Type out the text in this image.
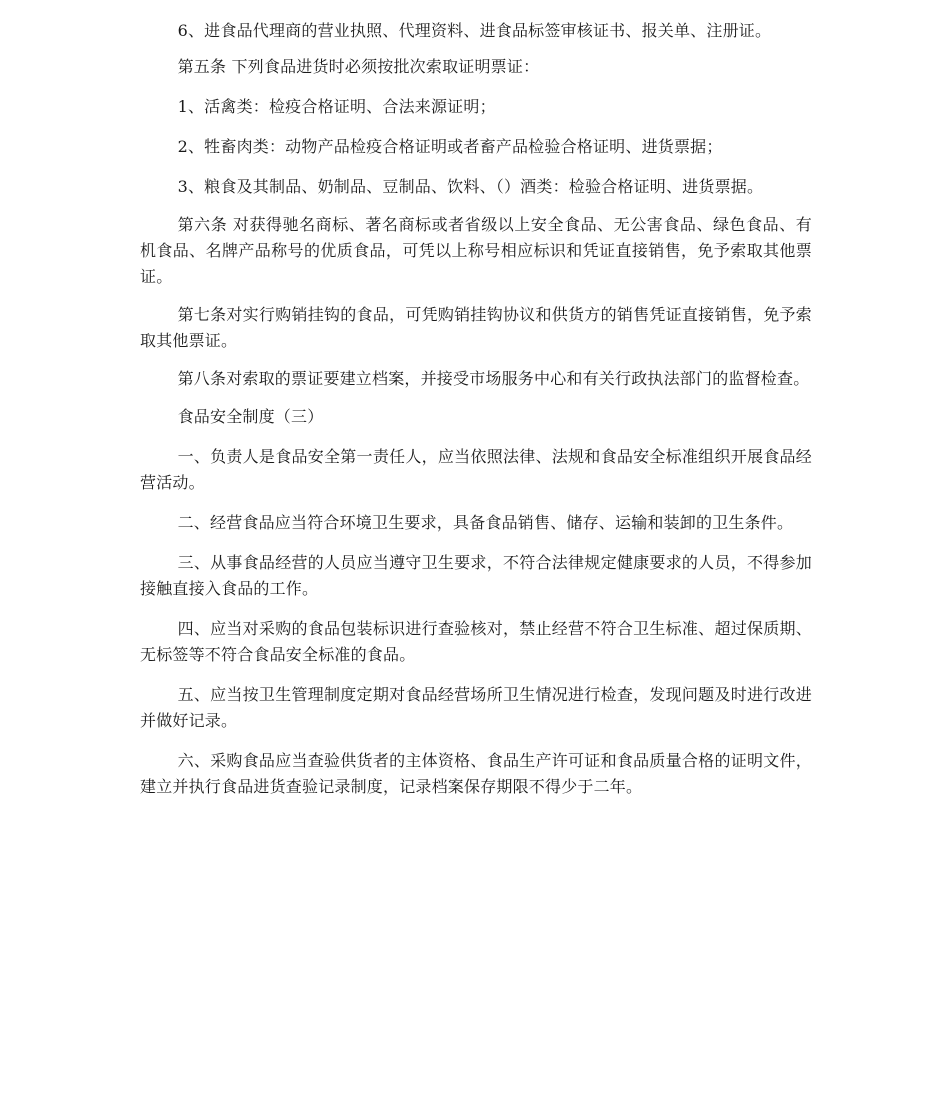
6、进食品代理商的营业执照、代理资料、进食品标签审核证书、报关单、注册证。

第五条 下列食品进货时必须按批次索取证明票证：

1、活禽类：检疫合格证明、合法来源证明；

2、牲畜肉类：动物产品检疫合格证明或者畜产品检验合格证明、进货票据；

3、粮食及其制品、奶制品、豆制品、饮料、（）酒类：检验合格证明、进货票据。

第六条 对获得驰名商标、著名商标或者省级以上安全食品、无公害食品、绿色食品、有机食品、名牌产品称号的优质食品，可凭以上称号相应标识和凭证直接销售，免予索取其他票证。

第七条对实行购销挂钩的食品，可凭购销挂钩协议和供货方的销售凭证直接销售，免予索取其他票证。

第八条对索取的票证要建立档案，并接受市场服务中心和有关行政执法部门的监督检查。

食品安全制度（三）

一、负责人是食品安全第一责任人，应当依照法律、法规和食品安全标准组织开展食品经营活动。

二、经营食品应当符合环境卫生要求，具备食品销售、储存、运输和装卸的卫生条件。

三、从事食品经营的人员应当遵守卫生要求，不符合法律规定健康要求的人员，不得参加接触直接入食品的工作。

四、应当对采购的食品包装标识进行查验核对，禁止经营不符合卫生标准、超过保质期、无标签等不符合食品安全标准的食品。

五、应当按卫生管理制度定期对食品经营场所卫生情况进行检查，发现问题及时进行改进并做好记录。

六、采购食品应当查验供货者的主体资格、食品生产许可证和食品质量合格的证明文件，建立并执行食品进货查验记录制度，记录档案保存期限不得少于二年。
